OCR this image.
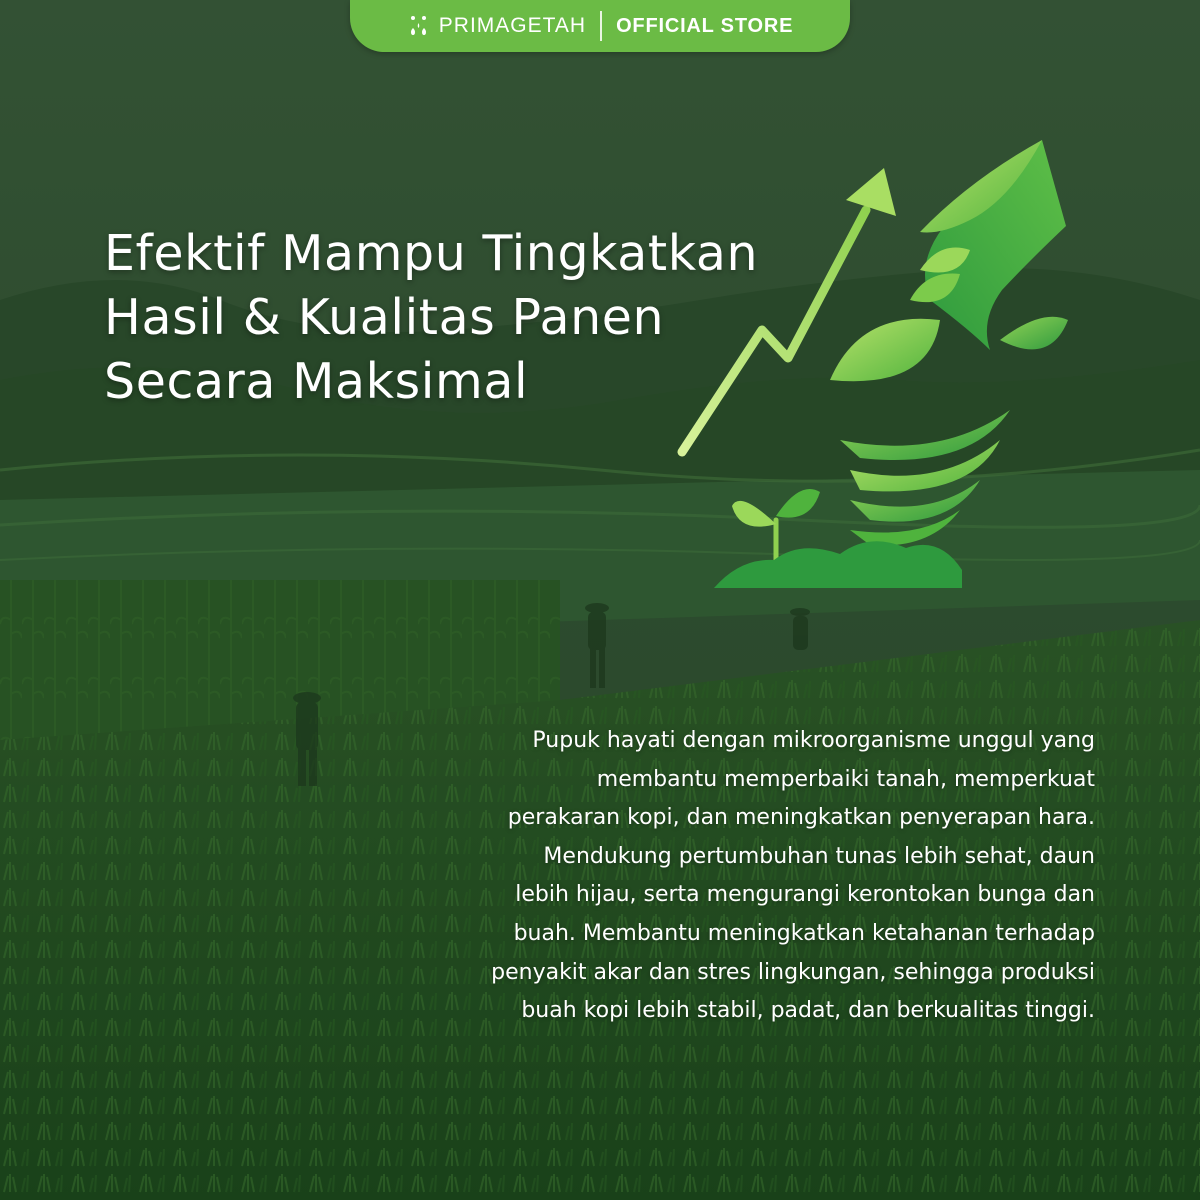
PRIMAGETAH OFFICIAL STORE
Efektif Mampu Tingkatkan
Hasil & Kualitas Panen
Secara Maksimal

Pupuk hayati dengan mikroorganisme unggul yang
membantu memperbaiki tanah, memperkuat
perakaran kopi, dan meningkatkan penyerapan hara.
Mendukung pertumbuhan tunas lebih sehat, daun
lebih hijau, serta mengurangi kerontokan bunga dan
buah. Membantu meningkatkan ketahanan terhadap
penyakit akar dan stres lingkungan, sehingga produksi
buah kopi lebih stabil, padat, dan berkualitas tinggi.
